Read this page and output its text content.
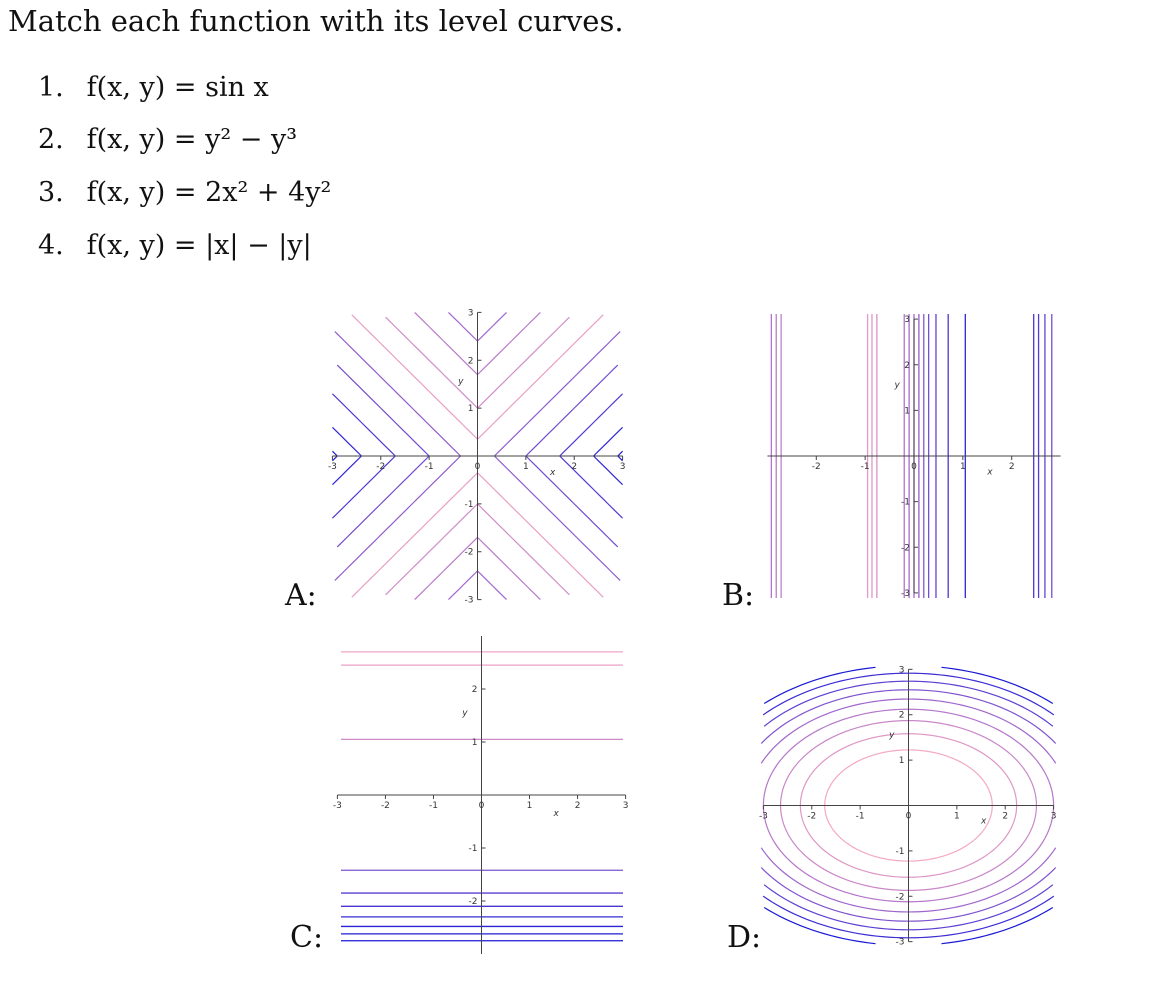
Match each function with its level curves.
1. f(x, y) = sin x
2. f(x, y) = y² − y³
3. f(x, y) = 2x² + 4y²
4. f(x, y) = |x| − |y|
A:
-3	-2	-1	0	1	2	3
3
2
1
-1
-2
-3
x
y
B:
-2	-1	0	1	2
3
2
1
-1
-2
-3
x
y
C:
-3	-2	-1	0	1	2	3
2
1
-1
-2
x
y
D:
-3	-2	-1	0	1	2	3
3
2
1
-1
-2
-3
x
y
